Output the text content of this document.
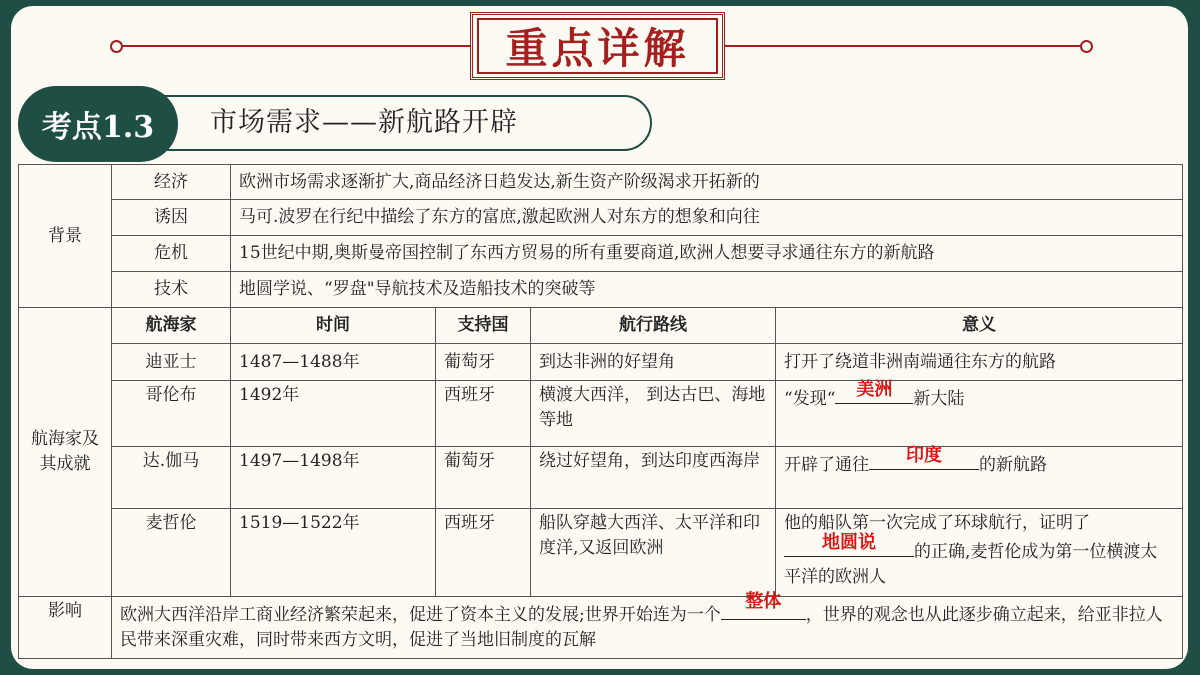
重点详解
考点1.3	市场需求——新航路开辟
背景	经济	欧洲市场需求逐渐扩大,商品经济日趋发达,新生资产阶级渴求开拓新的			
	诱因	马可.波罗在行纪中描绘了东方的富庶,激起欧洲人对东方的想象和向往			
	危机	15世纪中期,奥斯曼帝国控制了东西方贸易的所有重要商道,欧洲人想要寻求通往东方的新航路			
	技术	地圆学说、“罗盘"导航技术及造船技术的突破等			
航海家及其成就	航海家	时间	支持国	航行路线	意义
	迪亚士	1487—1488年	葡萄牙	到达非洲的好望角	打开了绕道非洲南端通往东方的航路
	哥伦布	1492年	西班牙	横渡大西洋， 到达古巴、海地等地	“发现“ 美洲 新大陆
	达.伽马	1497—1498年	葡萄牙	绕过好望角，到达印度西海岸	开辟了通往 印度 的新航路
	麦哲伦	1519—1522年	西班牙	船队穿越大西洋、太平洋和印度洋,又返回欧洲	他的船队第一次完成了环球航行，证明了
地圆说 的正确,麦哲伦成为第一位横渡太平洋的欧洲人
影响	欧洲大西洋沿岸工商业经济繁荣起来，促进了资本主义的发展;世界开始连为一个
整体
，世界的观念也从此逐步确立起来，给亚非拉人民带来深重灾难，同时带来西方文明，促进了当地旧制度的瓦解				
